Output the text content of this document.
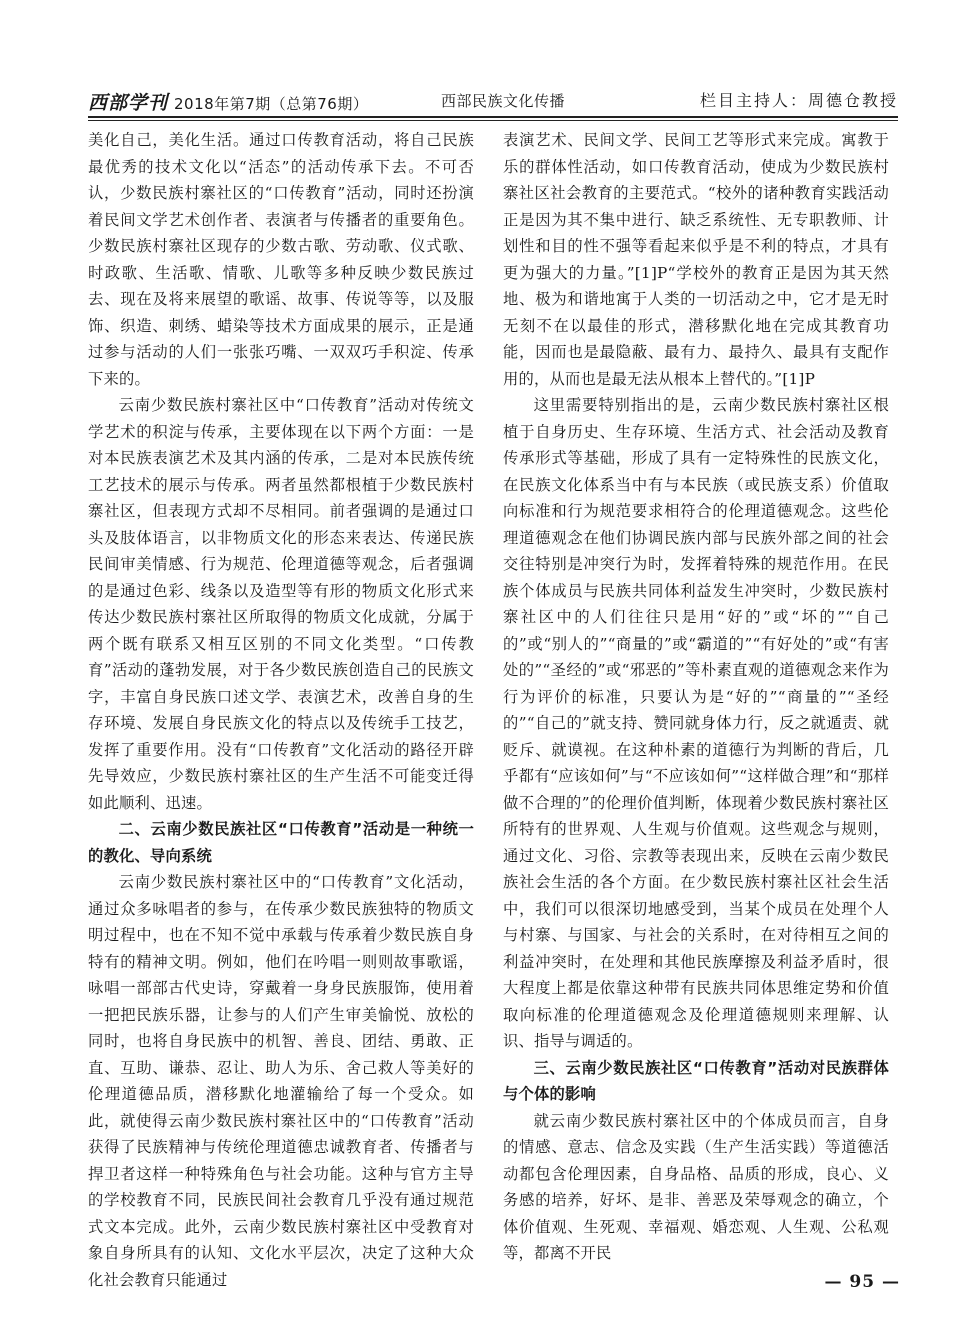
西部学刊 2018年第7期（总第76期）	西部民族文化传播	栏目主持人：周德仓教授

美化自己，美化生活。通过口传教育活动，将自己民族最优秀的技术文化以“活态”的活动传承下去。不可否认，少数民族村寨社区的“口传教育”活动，同时还扮演着民间文学艺术创作者、表演者与传播者的重要角色。少数民族村寨社区现存的少数古歌、劳动歌、仪式歌、时政歌、生活歌、情歌、儿歌等多种反映少数民族过去、现在及将来展望的歌谣、故事、传说等等，以及服饰、织造、刺绣、蜡染等技术方面成果的展示，正是通过参与活动的人们一张张巧嘴、一双双巧手积淀、传承下来的。

云南少数民族村寨社区中“口传教育”活动对传统文学艺术的积淀与传承，主要体现在以下两个方面：一是对本民族表演艺术及其内涵的传承，二是对本民族传统工艺技术的展示与传承。两者虽然都根植于少数民族村寨社区，但表现方式却不尽相同。前者强调的是通过口头及肢体语言，以非物质文化的形态来表达、传递民族民间审美情感、行为规范、伦理道德等观念，后者强调的是通过色彩、线条以及造型等有形的物质文化形式来传达少数民族村寨社区所取得的物质文化成就，分属于两个既有联系又相互区别的不同文化类型。“口传教育”活动的蓬勃发展，对于各少数民族创造自己的民族文字，丰富自身民族口述文学、表演艺术，改善自身的生存环境、发展自身民族文化的特点以及传统手工技艺，发挥了重要作用。没有“口传教育”文化活动的路径开辟先导效应，少数民族村寨社区的生产生活不可能变迁得如此顺利、迅速。

二、云南少数民族社区“口传教育”活动是一种统一的教化、导向系统

云南少数民族村寨社区中的“口传教育”文化活动，通过众多咏唱者的参与，在传承少数民族独特的物质文明过程中，也在不知不觉中承载与传承着少数民族自身特有的精神文明。例如，他们在吟唱一则则故事歌谣，咏唱一部部古代史诗，穿戴着一身身民族服饰，使用着一把把民族乐器，让参与的人们产生审美愉悦、放松的同时，也将自身民族中的机智、善良、团结、勇敢、正直、互助、谦恭、忍让、助人为乐、舍己救人等美好的伦理道德品质，潜移默化地灌输给了每一个受众。如此，就使得云南少数民族村寨社区中的“口传教育”活动获得了民族精神与传统伦理道德忠诚教育者、传播者与捍卫者这样一种特殊角色与社会功能。这种与官方主导的学校教育不同，民族民间社会教育几乎没有通过规范式文本完成。此外，云南少数民族村寨社区中受教育对象自身所具有的认知、文化水平层次，决定了这种大众化社会教育只能通过

表演艺术、民间文学、民间工艺等形式来完成。寓教于乐的群体性活动，如口传教育活动，使成为少数民族村寨社区社会教育的主要范式。“校外的诸种教育实践活动正是因为其不集中进行、缺乏系统性、无专职教师、计划性和目的性不强等看起来似乎是不利的特点，才具有更为强大的力量。”[1]P“学校外的教育正是因为其天然地、极为和谐地寓于人类的一切活动之中，它才是无时无刻不在以最佳的形式，潜移默化地在完成其教育功能，因而也是最隐蔽、最有力、最持久、最具有支配作用的，从而也是最无法从根本上替代的。”[1]P

这里需要特别指出的是，云南少数民族村寨社区根植于自身历史、生存环境、生活方式、社会活动及教育传承形式等基础，形成了具有一定特殊性的民族文化，在民族文化体系当中有与本民族（或民族支系）价值取向标准和行为规范要求相符合的伦理道德观念。这些伦理道德观念在他们协调民族内部与民族外部之间的社会交往特别是冲突行为时，发挥着特殊的规范作用。在民族个体成员与民族共同体利益发生冲突时，少数民族村寨社区中的人们往往只是用“好的”或“坏的”“自己的”或“别人的”“商量的”或“霸道的”“有好处的”或“有害处的”“圣经的”或“邪恶的”等朴素直观的道德观念来作为行为评价的标准，只要认为是“好的”“商量的”“圣经的”“自己的”就支持、赞同就身体力行，反之就遁责、就贬斥、就谟视。在这种朴素的道德行为判断的背后，几乎都有“应该如何”与“不应该如何”“这样做合理”和“那样做不合理的”的伦理价值判断，体现着少数民族村寨社区所特有的世界观、人生观与价值观。这些观念与规则，通过文化、习俗、宗教等表现出来，反映在云南少数民族社会生活的各个方面。在少数民族村寨社区社会生活中，我们可以很深切地感受到，当某个成员在处理个人与村寨、与国家、与社会的关系时，在对待相互之间的利益冲突时，在处理和其他民族摩擦及利益矛盾时，很大程度上都是依靠这种带有民族共同体思维定势和价值取向标准的伦理道德观念及伦理道德规则来理解、认识、指导与调适的。

三、云南少数民族社区“口传教育”活动对民族群体与个体的影响

就云南少数民族村寨社区中的个体成员而言，自身的情感、意志、信念及实践（生产生活实践）等道德活动都包含伦理因素，自身品格、品质的形成，良心、义务感的培养，好坏、是非、善恶及荣辱观念的确立，个体价值观、生死观、幸福观、婚恋观、人生观、公私观等，都离不开民

— 95 —
